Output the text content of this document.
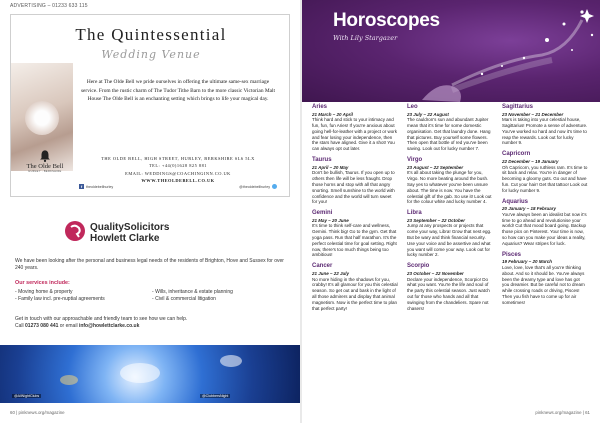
ADVERTISING – 01233 633 115
The Quintessential
Wedding Venue
Here at The Olde Bell we pride ourselves in offering the ultimate same-sex marriage service. From the rustic charm of The Tudor Tithe Barn to the more classic Victorian Malt House The Olde Bell is an enchanting setting which brings to life your magical day.
The Olde Bell
HURLEY · BERKSHIRE
THE OLDE BELL, HIGH STREET, HURLEY, BERKSHIRE SL6 5LX
TEL: +44(0)1628 825 881
EMAIL: WEDDINGS@COACHINGINN.CO.UK
WWW.THEOLDEBELL.CO.UK
f	theoldebellhurley	@theoldebellhurley
QualitySolicitors
Howlett Clarke
We have been looking after the personal and business legal needs of the residents of Brighton, Hove and Sussex for over 240 years.
Our services include:
- Moving home & property
- Family law incl. pre-nuptial agreements
- Wills, inheritance & estate planning
- Civil & commercial litigation
Get in touch with our approachable and friendly team to see how we can help.
Call 01273 080 441 or email info@howlettclarke.co.uk
@AllNightClubs	@ClubbersNight
60 | pinknews.org/magazine
Horoscopes
With Lily Stargazer
Aries
21 March – 20 April
Think hard and stick to your intimacy and fun, fun, fun Aries! If you're anxious about going hell-for-leather with a project or work and fear losing your independence, then the stars have aligned. Give it a shot! You can always opt out later.
Taurus
21 April – 20 May
Don't be bullish, Taurus. If you open up to others then life will be less fraught. Drop those horns and stop with all that angry snorting. Smell sunshine to the world with confidence and the world will turn sweet for you!
Gemini
21 May – 20 June
It's time to think self-care and wellness, Gemini. Think big! Go to the gym. Get that yoga pass. Run that half marathon. It's the perfect celestial time for goal setting. Right now, there's too much things being too ambitious!
Cancer
21 June – 22 July
No more hiding in the shadows for you, crabby! It's all glamour for you this celestial season. So get out and bask in the light of all those admirers and display that animal magnetism. Now is the perfect time to plan that perfect party!
Leo
23 July – 22 August
The cauldron's sun and abundant Jupiter mean that it's time for some domestic organisation. Get that laundry done. Hang that pictures. Buy yourself some flowers. Then open that bottle of red you've been saving. Look out for lucky number 7.
Virgo
23 August – 22 September
It's all about taking the plunge for you, Virgo. No more beating around the bush. Say yes to whatever you've been unsure about. The time is now. You have the celestial gift of the gab. So use it! Look out for the colour white and lucky number 4.
Libra
23 September – 22 October
Jump at any prospects or projects that come your way, Libra! Grow that nest egg. But be wary and think financial security. Use your voice and be assertive and what you want will come your way. Look out for lucky number 2.
Scorpio
23 October – 22 November
Declare your independence, Scorpio! Do what you want. You're the life and soul of the party this celestial season. Just watch out for those who hands and all that swinging from the chandeliers. Spare not chasers!
Sagittarius
23 November – 21 December
Mars is taking into your celestial house, Sagittarius! Promote a sense of adventure. You've worked so hard and now it's time to reap the rewards. Look out for lucky number 9.
Capricorn
22 December – 19 January
Oh Capricorn, you ruthless ram. It's time to sit back and relax. You're in danger of becoming a gloomy guts. Go out and have fun. Cut your hair! Get that tattoo! Look out for lucky number 9.
Aquarius
20 January – 18 February
You've always been an idealist but now it's time to go ahead and revolutionise your world! Cut that mood board going. Backup those pics on Pinterest. Your time is now, so how can you make your ideas a reality, Aquarius? Wear stripes for luck.
Pisces
19 February – 20 March
Love, love, love that's all you're thinking about. And so it should be. You've always been the dreamy type and love has got you dreamier. But be careful not to dream while crossing roads or driving, Pisces! Then you fish have to come up for air sometimes!
pinknews.org/magazine | 61
